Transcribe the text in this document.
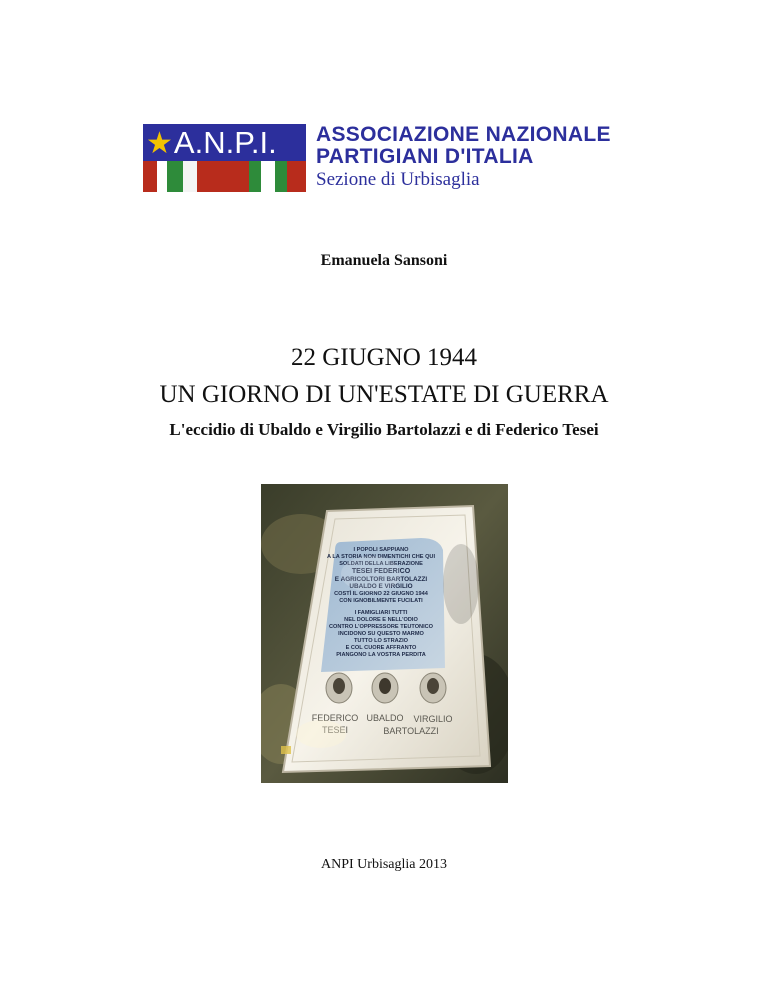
★A.N.P.I.	ASSOCIAZIONE NAZIONALE
PARTIGIANI D'ITALIA
Sezione di Urbisaglia
Emanuela Sansoni
22 GIUGNO 1944
UN GIORNO DI UN'ESTATE DI GUERRA
L'eccidio di Ubaldo e Virgilio Bartolazzi e di Federico Tesei
I POPOLI SAPPIANO
A LA STORIA NON DIMENTICHI CHE QUI
SOLDATI DELLA LIBERAZIONE
TESEI FEDERICO
E AGRICOLTORI BARTOLAZZI
UBALDO E VIRGILIO
COSTÌ IL GIORNO 22 GIUGNO 1944
CON IGNOBILMENTE FUCILATI
I FAMIGLIARI TUTTI
NEL DOLORE E NELL'ODIO
CONTRO L'OPPRESSORE TEUTONICO
INCIDONO SU QUESTO MARMO
TUTTO LO STRAZIO
E COL CUORE AFFRANTO
PIANGONO LA VOSTRA PERDITA
FEDERICO
TESEI
UBALDO VIRGILIO
BARTOLAZZI
ANPI Urbisaglia 2013
